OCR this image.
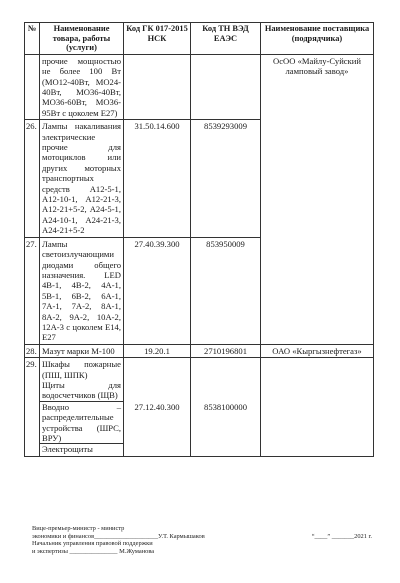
№	Наименование товара, работы (услуги)	Код ГК 017-2015 НСК	Код ТН ВЭД ЕАЭС	Наименование поставщика (подрядчика)
	прочие мощностью не более 100 Вт (МО12-40Вт, МО24-40Вт, МО36-40Вт, МО36-60Вт, МО36-95Вт с цоколем Е27)			ОсОО «Майлу-Суйский ламповый завод»
26.	Лампы накаливания электрические прочие для мотоциклов или других моторных транспортных средств А12-5-1, А12-10-1, А12-21-3, А12-21+5-2, А24-5-1, А24-10-1, А24-21-3, А24-21+5-2	31.50.14.600	8539293009	
27.	Лампы светоизлучающими диодами общего назначения. LED 4В-1, 4В-2, 4А-1, 5В-1, 6В-2, 6А-1, 7А-1, 7А-2, 8А-1, 8А-2, 9А-2, 10А-2, 12А-3 с цоколем Е14, Е27	27.40.39.300	853950009	
28.	Мазут марки М-100	19.20.1	2710196801	ОАО «Кыргызнефтегаз»
29.	Шкафы пожарные (ПШ, ШПК)
Щиты для водосчетчиков (ЩВ)
Вводно – распределительные устройства (ШРС, ВРУ)
Электрощиты	27.12.40.300	8538100000	
Вице-премьер-министр - министр
экономики и финансов____________________У.Т. Кармышаков	“____” _______2021 г.
Начальник управления правовой поддержки
и экспертизы _______________ М.Жуманова
